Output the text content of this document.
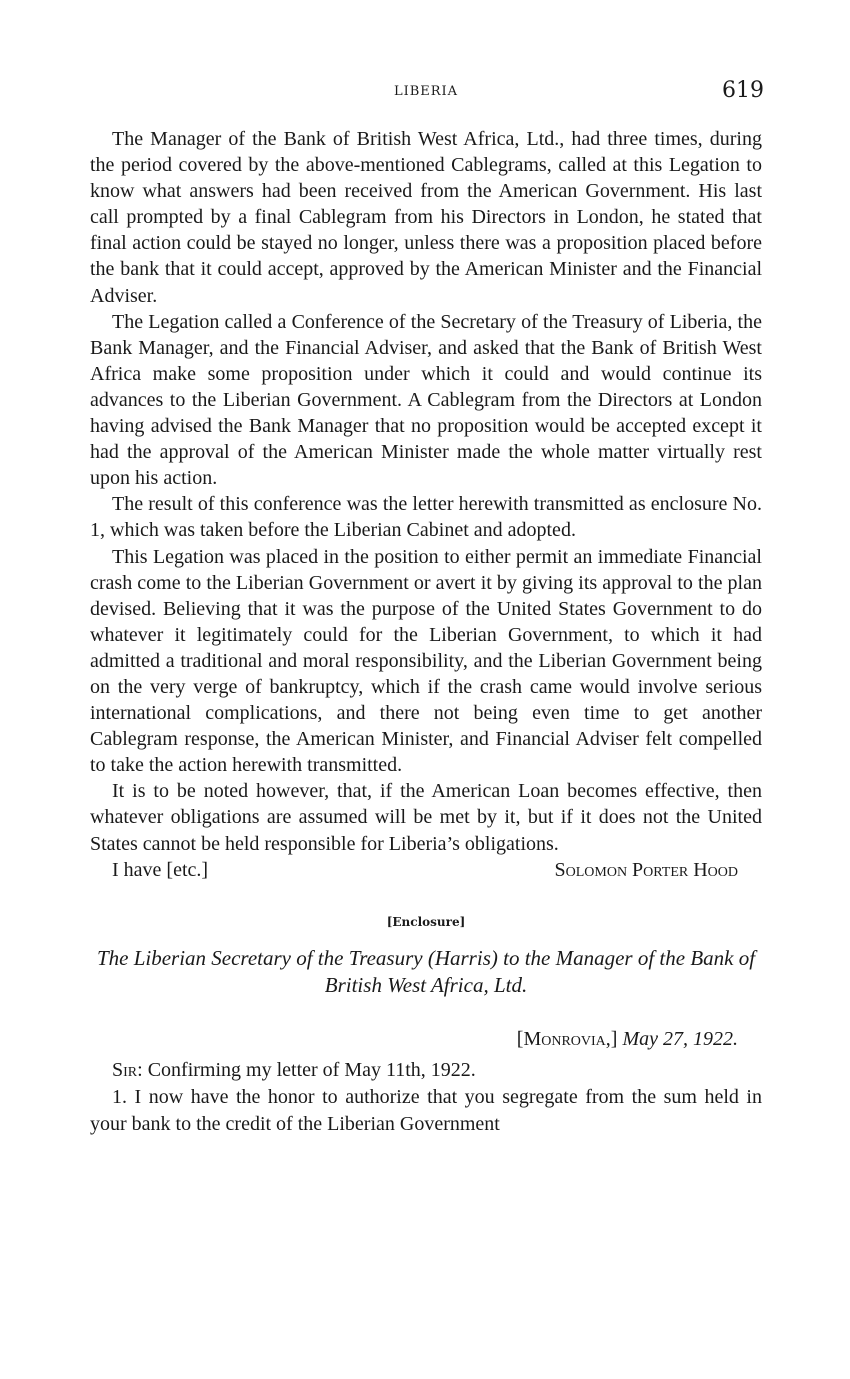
LIBERIA	619

The Manager of the Bank of British West Africa, Ltd., had three times, during the period covered by the above-mentioned Cablegrams, called at this Legation to know what answers had been received from the American Government. His last call prompted by a final Cablegram from his Directors in London, he stated that final action could be stayed no longer, unless there was a proposition placed before the bank that it could accept, approved by the American Minister and the Financial Adviser.

The Legation called a Conference of the Secretary of the Treasury of Liberia, the Bank Manager, and the Financial Adviser, and asked that the Bank of British West Africa make some proposition under which it could and would continue its advances to the Liberian Government. A Cablegram from the Directors at London having advised the Bank Manager that no proposition would be accepted except it had the approval of the American Minister made the whole matter virtually rest upon his action.

The result of this conference was the letter herewith transmitted as enclosure No. 1, which was taken before the Liberian Cabinet and adopted.

This Legation was placed in the position to either permit an immediate Financial crash come to the Liberian Government or avert it by giving its approval to the plan devised. Believing that it was the purpose of the United States Government to do whatever it legitimately could for the Liberian Government, to which it had admitted a traditional and moral responsibility, and the Liberian Government being on the very verge of bankruptcy, which if the crash came would involve serious international complications, and there not being even time to get another Cablegram response, the American Minister, and Financial Adviser felt compelled to take the action herewith transmitted.

It is to be noted however, that, if the American Loan becomes effective, then whatever obligations are assumed will be met by it, but if it does not the United States cannot be held responsible for Liberia’s obligations.

I have [etc.]	Solomon Porter Hood
[Enclosure]
The Liberian Secretary of the Treasury (Harris) to the Manager of the Bank of British West Africa, Ltd.
[Monrovia,] May 27, 1922.

Sir: Confirming my letter of May 11th, 1922.

1. I now have the honor to authorize that you segregate from the sum held in your bank to the credit of the Liberian Government
